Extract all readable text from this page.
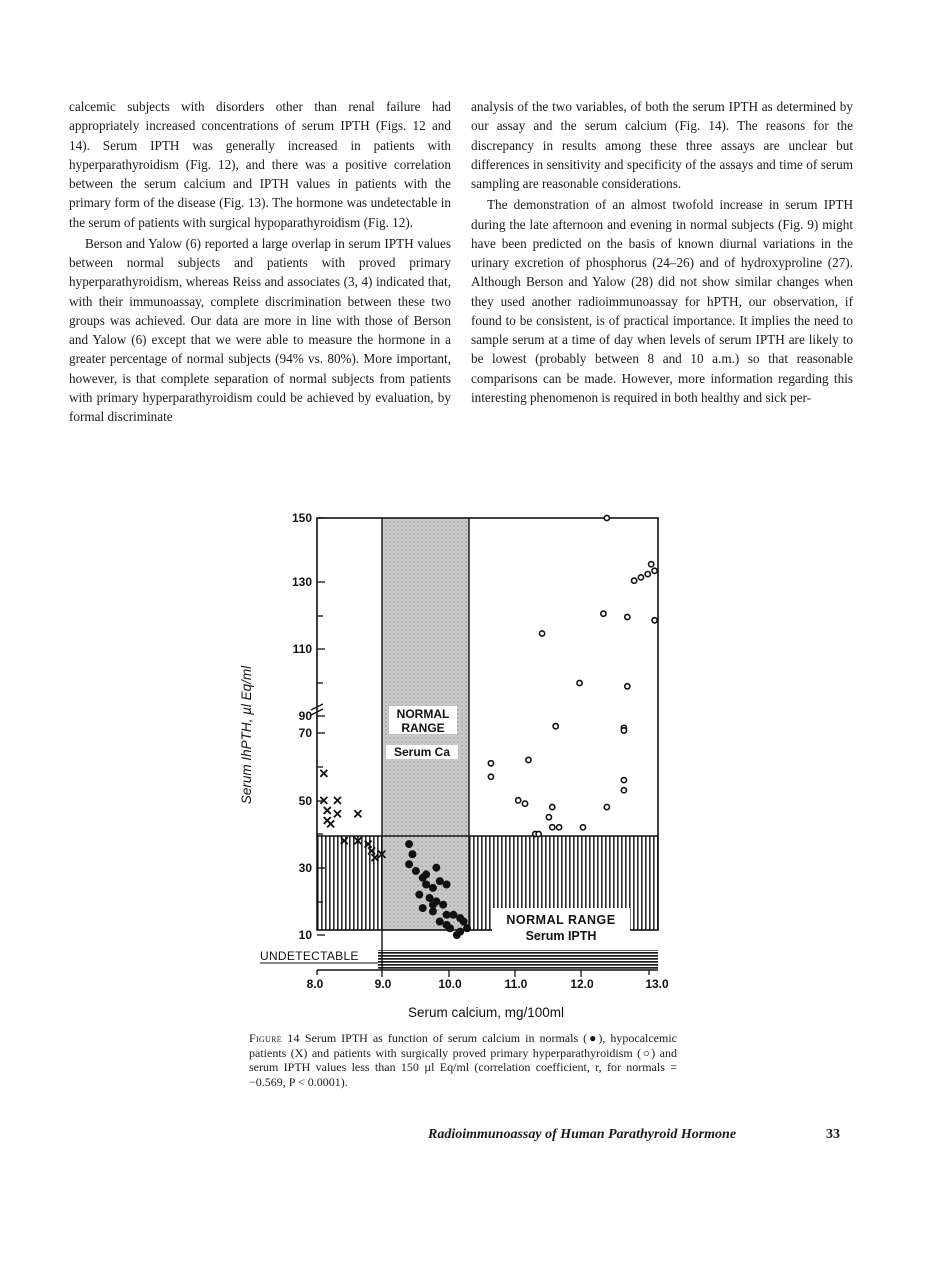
calcemic subjects with disorders other than renal failure had appropriately increased concentrations of serum IPTH (Figs. 12 and 14). Serum IPTH was generally increased in patients with hyperparathyroidism (Fig. 12), and there was a positive correlation between the serum calcium and IPTH values in patients with the primary form of the disease (Fig. 13). The hormone was undetectable in the serum of patients with surgical hypoparathyroidism (Fig. 12).

Berson and Yalow (6) reported a large overlap in serum IPTH values between normal subjects and patients with proved primary hyperparathyroidism, whereas Reiss and associates (3, 4) indicated that, with their immunoassay, complete discrimination between these two groups was achieved. Our data are more in line with those of Berson and Yalow (6) except that we were able to measure the hormone in a greater percentage of normal subjects (94% vs. 80%). More important, however, is that complete separation of normal subjects from patients with primary hyperparathyroidism could be achieved by evaluation, by formal discriminate

analysis of the two variables, of both the serum IPTH as determined by our assay and the serum calcium (Fig. 14). The reasons for the discrepancy in results among these three assays are unclear but differences in sensitivity and specificity of the assays and time of serum sampling are reasonable considerations.

The demonstration of an almost twofold increase in serum IPTH during the late afternoon and evening in normal subjects (Fig. 9) might have been predicted on the basis of known diurnal variations in the urinary excretion of phosphorus (24–26) and of hydroxyproline (27). Although Berson and Yalow (28) did not show similar changes when they used another radioimmunoassay for hPTH, our observation, if found to be consistent, is of practical importance. It implies the need to sample serum at a time of day when levels of serum IPTH are likely to be lowest (probably between 8 and 10 a.m.) so that reasonable comparisons can be made. However, more information regarding this interesting phenomenon is required in both healthy and sick per-

150
130
110
90
70
50
30
10
UNDETECTABLE
8.0	9.0	10.0	11.0	12.0	13.0
Serum calcium, mg/100ml
Serum IhPTH, µl Eq/ml	NORMAL
RANGE
Serum Ca
NORMAL RANGE
Serum IPTH
Figure 14 Serum IPTH as function of serum calcium in normals (●), hypocalcemic patients (X) and patients with surgically proved primary hyperparathyroidism (○) and serum IPTH values less than 150 µl Eq/ml (correlation coefficient, r, for normals = −0.569, P < 0.0001).
Radioimmunoassay of Human Parathyroid Hormone	33
